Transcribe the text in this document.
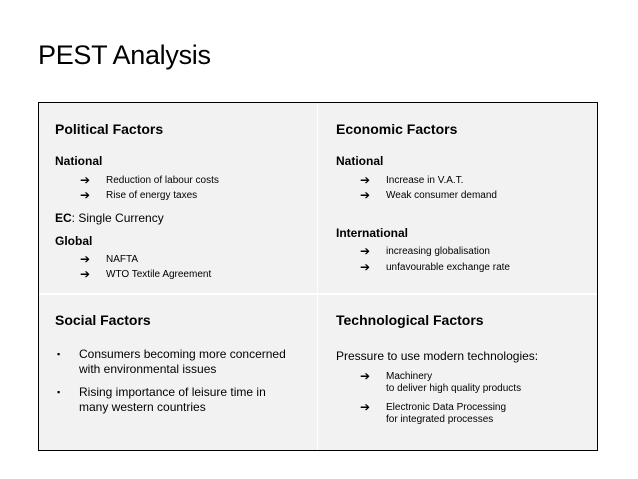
PEST Analysis
Political Factors
National
➔	Reduction of labour costs
➔	Rise of energy taxes
EC: Single Currency
Global
➔	NAFTA
➔	WTO Textile Agreement
Economic Factors
National
➔	Increase in V.A.T.
➔	Weak consumer demand
International
➔	increasing globalisation
➔	unfavourable exchange rate
Social Factors
▪	Consumers becoming more concerned
with environmental issues
▪	Rising importance of leisure time in
many western countries
Technological Factors
Pressure to use modern technologies:
➔	Machinery
to deliver high quality products
➔	Electronic Data Processing
for integrated processes
